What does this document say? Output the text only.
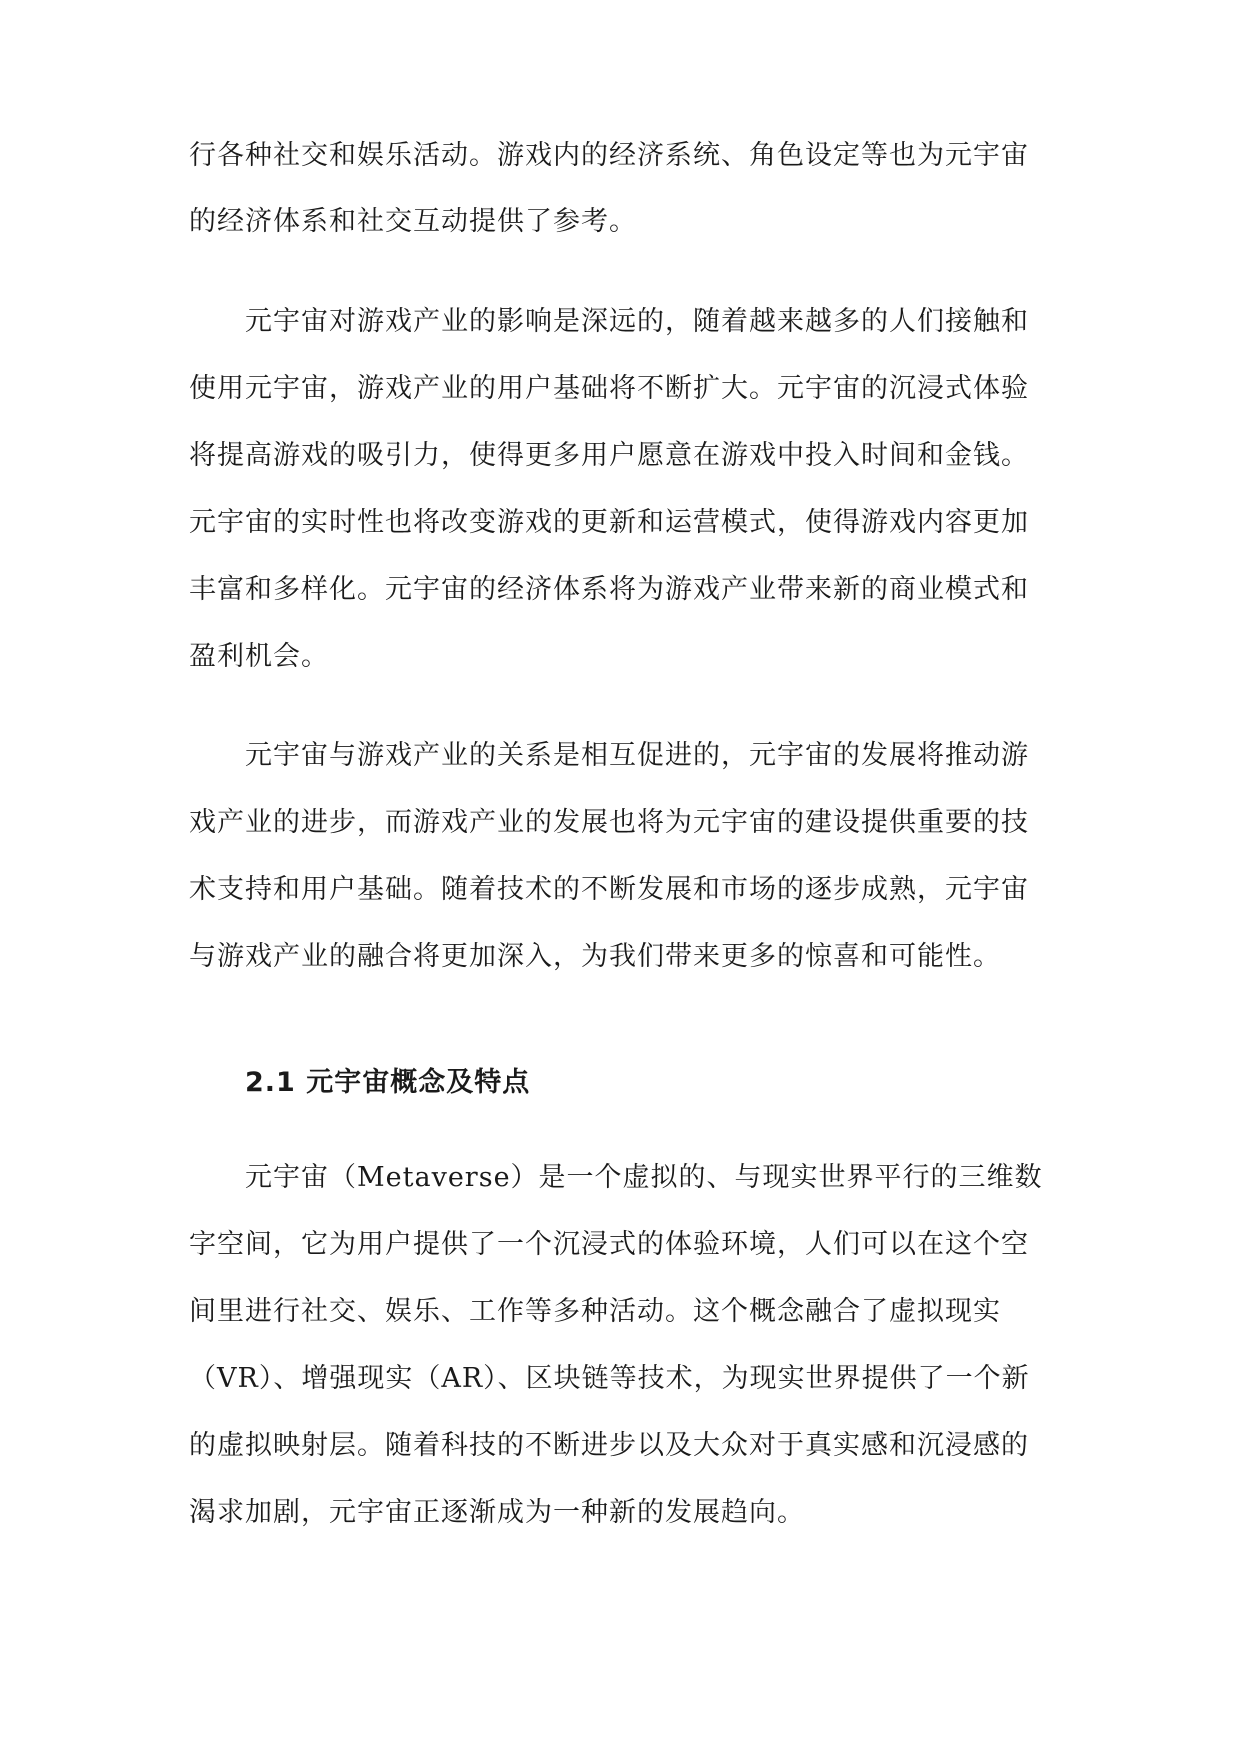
行各种社交和娱乐活动。游戏内的经济系统、角色设定等也为元宇宙
的经济体系和社交互动提供了参考。
元宇宙对游戏产业的影响是深远的，随着越来越多的人们接触和
使用元宇宙，游戏产业的用户基础将不断扩大。元宇宙的沉浸式体验
将提高游戏的吸引力，使得更多用户愿意在游戏中投入时间和金钱。
元宇宙的实时性也将改变游戏的更新和运营模式，使得游戏内容更加
丰富和多样化。元宇宙的经济体系将为游戏产业带来新的商业模式和
盈利机会。
元宇宙与游戏产业的关系是相互促进的，元宇宙的发展将推动游
戏产业的进步，而游戏产业的发展也将为元宇宙的建设提供重要的技
术支持和用户基础。随着技术的不断发展和市场的逐步成熟，元宇宙
与游戏产业的融合将更加深入，为我们带来更多的惊喜和可能性。
2.1 元宇宙概念及特点
元宇宙（Metaverse）是一个虚拟的、与现实世界平行的三维数
字空间，它为用户提供了一个沉浸式的体验环境，人们可以在这个空
间里进行社交、娱乐、工作等多种活动。这个概念融合了虚拟现实
（VR）、增强现实（AR）、区块链等技术，为现实世界提供了一个新
的虚拟映射层。随着科技的不断进步以及大众对于真实感和沉浸感的
渴求加剧，元宇宙正逐渐成为一种新的发展趋向。
